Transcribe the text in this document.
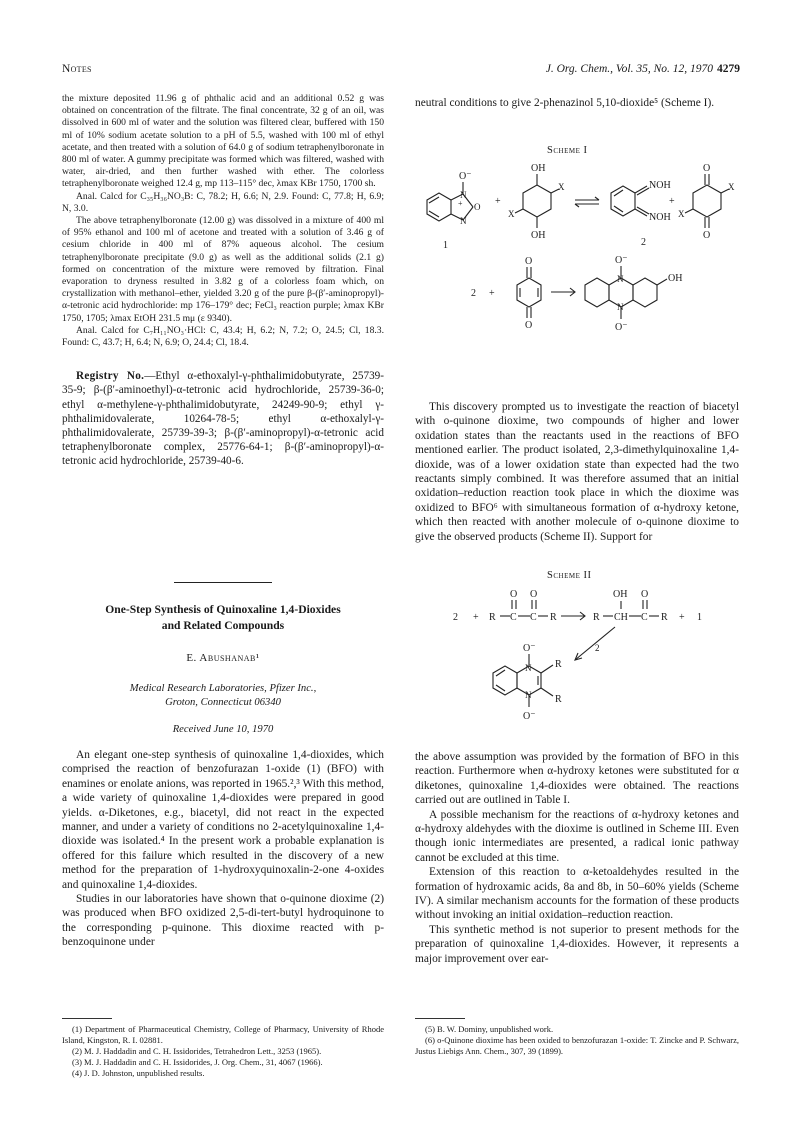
Notes	J. Org. Chem., Vol. 35, No. 12, 1970 4279

the mixture deposited 11.96 g of phthalic acid and an additional 0.52 g was obtained on concentration of the filtrate. The final concentrate, 32 g of an oil, was dissolved in 600 ml of water and the solution was filtered clear, buffered with 150 ml of 10% sodium acetate solution to a pH of 5.5, washed with 100 ml of ethyl acetate, and then treated with a solution of 64.0 g of sodium tetraphenylboronate in 800 ml of water. A gummy precipitate was formed which was filtered, washed with water, air-dried, and then further washed with ether. The colorless tetraphenylboronate weighed 12.4 g, mp 113–115° dec, λmax KBr 1750, 1700 sh.

Anal. Calcd for C₃₅H₃₆NO₃B: C, 78.2; H, 6.6; N, 2.9. Found: C, 77.8; H, 6.9; N, 3.0.

The above tetraphenylboronate (12.00 g) was dissolved in a mixture of 400 ml of 95% ethanol and 100 ml of acetone and treated with a solution of 3.46 g of cesium chloride in 400 ml of 87% aqueous alcohol. The cesium tetraphenylboronate precipitate (9.0 g) as well as the additional solids (2.1 g) formed on concentration of the mixture were removed by filtration. Final evaporation to dryness resulted in 3.82 g of a colorless foam which, on crystallization with methanol–ether, yielded 3.20 g of the pure β-(β′-aminopropyl)-α-tetronic acid hydrochloride: mp 176–179° dec; FeCl₃ reaction purple; λmax KBr 1750, 1705; λmax EtOH 231.5 mμ (ε 9340).

Anal. Calcd for C₇H₁₁NO₃·HCl: C, 43.4; H, 6.2; N, 7.2; O, 24.5; Cl, 18.3. Found: C, 43.7; H, 6.4; N, 6.9; O, 24.4; Cl, 18.4.

Registry No.—Ethyl α-ethoxalyl-γ-phthalimidobutyrate, 25739-35-9; β-(β′-aminoethyl)-α-tetronic acid hydrochloride, 25739-36-0; ethyl α-methylene-γ-phthalimidobutyrate, 24249-90-9; ethyl γ-phthalimidovalerate, 10264-78-5; ethyl α-ethoxalyl-γ-phthalimidovalerate, 25739-39-3; β-(β′-aminopropyl)-α-tetronic acid tetraphenylboronate complex, 25776-64-1; β-(β′-aminopropyl)-α-tetronic acid hydrochloride, 25739-40-6.

One-Step Synthesis of Quinoxaline 1,4-Dioxides
and Related Compounds
E. Abushanab¹
Medical Research Laboratories, Pfizer Inc.,
Groton, Connecticut 06340
Received June 10, 1970

An elegant one-step synthesis of quinoxaline 1,4-dioxides, which comprised the reaction of benzofurazan 1-oxide (1) (BFO) with enamines or enolate anions, was reported in 1965.²,³ With this method, a wide variety of quinoxaline 1,4-dioxides were prepared in good yields. α-Diketones, e.g., biacetyl, did not react in the expected manner, and under a variety of conditions no 2-acetylquinoxaline 1,4-dioxide was isolated.⁴ In the present work a probable explanation is offered for this failure which resulted in the discovery of a new method for the preparation of 1-hydroxyquinoxalin-2-one 4-oxides and quinoxaline 1,4-dioxides.

Studies in our laboratories have shown that o-quinone dioxime (2) was produced when BFO oxidized 2,5-di-tert-butyl hydroquinone to the corresponding p-quinone. This dioxime reacted with p-benzoquinone under

neutral conditions to give 2-phenazinol 5,10-dioxide⁵ (Scheme I).

Scheme I
O⁻
N
N
O
+
1
+
OH
OH
X
X
NOH
NOH
2
+
O
O
X
X
2 +
O
O
O⁻
O⁻
N
N
OH

This discovery prompted us to investigate the reaction of biacetyl with o-quinone dioxime, two compounds of higher and lower oxidation states than the reactants used in the reactions of BFO mentioned earlier. The product isolated, 2,3-dimethylquinoxaline 1,4-dioxide, was of a lower oxidation state than expected had the two reactants simply combined. It was therefore assumed that an initial oxidation–reduction reaction took place in which the dioxime was oxidized to BFO⁶ with simultaneous formation of α-hydroxy ketone, which then reacted with another molecule of o-quinone dioxime to give the observed products (Scheme II). Support for

Scheme II
2 + R C C R
O O
R CH C R
OH O
+ 1
2
O⁻
O⁻
N
N
R
R

the above assumption was provided by the formation of BFO in this reaction. Furthermore when α-hydroxy ketones were substituted for α diketones, quinoxaline 1,4-dioxides were obtained. The reactions carried out are outlined in Table I.

A possible mechanism for the reactions of α-hydroxy ketones and α-hydroxy aldehydes with the dioxime is outlined in Scheme III. Even though ionic intermediates are presented, a radical ionic pathway cannot be excluded at this time.

Extension of this reaction to α-ketoaldehydes resulted in the formation of hydroxamic acids, 8a and 8b, in 50–60% yields (Scheme IV). A similar mechanism accounts for the formation of these products without invoking an initial oxidation–reduction reaction.

This synthetic method is not superior to present methods for the preparation of quinoxaline 1,4-dioxides. However, it represents a major improvement over ear-

(1) Department of Pharmaceutical Chemistry, College of Pharmacy, University of Rhode Island, Kingston, R. I. 02881.

(2) M. J. Haddadin and C. H. Issidorides, Tetrahedron Lett., 3253 (1965).

(3) M. J. Haddadin and C. H. Issidorides, J. Org. Chem., 31, 4067 (1966).

(4) J. D. Johnston, unpublished results.

(5) B. W. Dominy, unpublished work.

(6) o-Quinone dioxime has been oxided to benzofurazan 1-oxide: T. Zincke and P. Schwarz, Justus Liebigs Ann. Chem., 307, 39 (1899).
